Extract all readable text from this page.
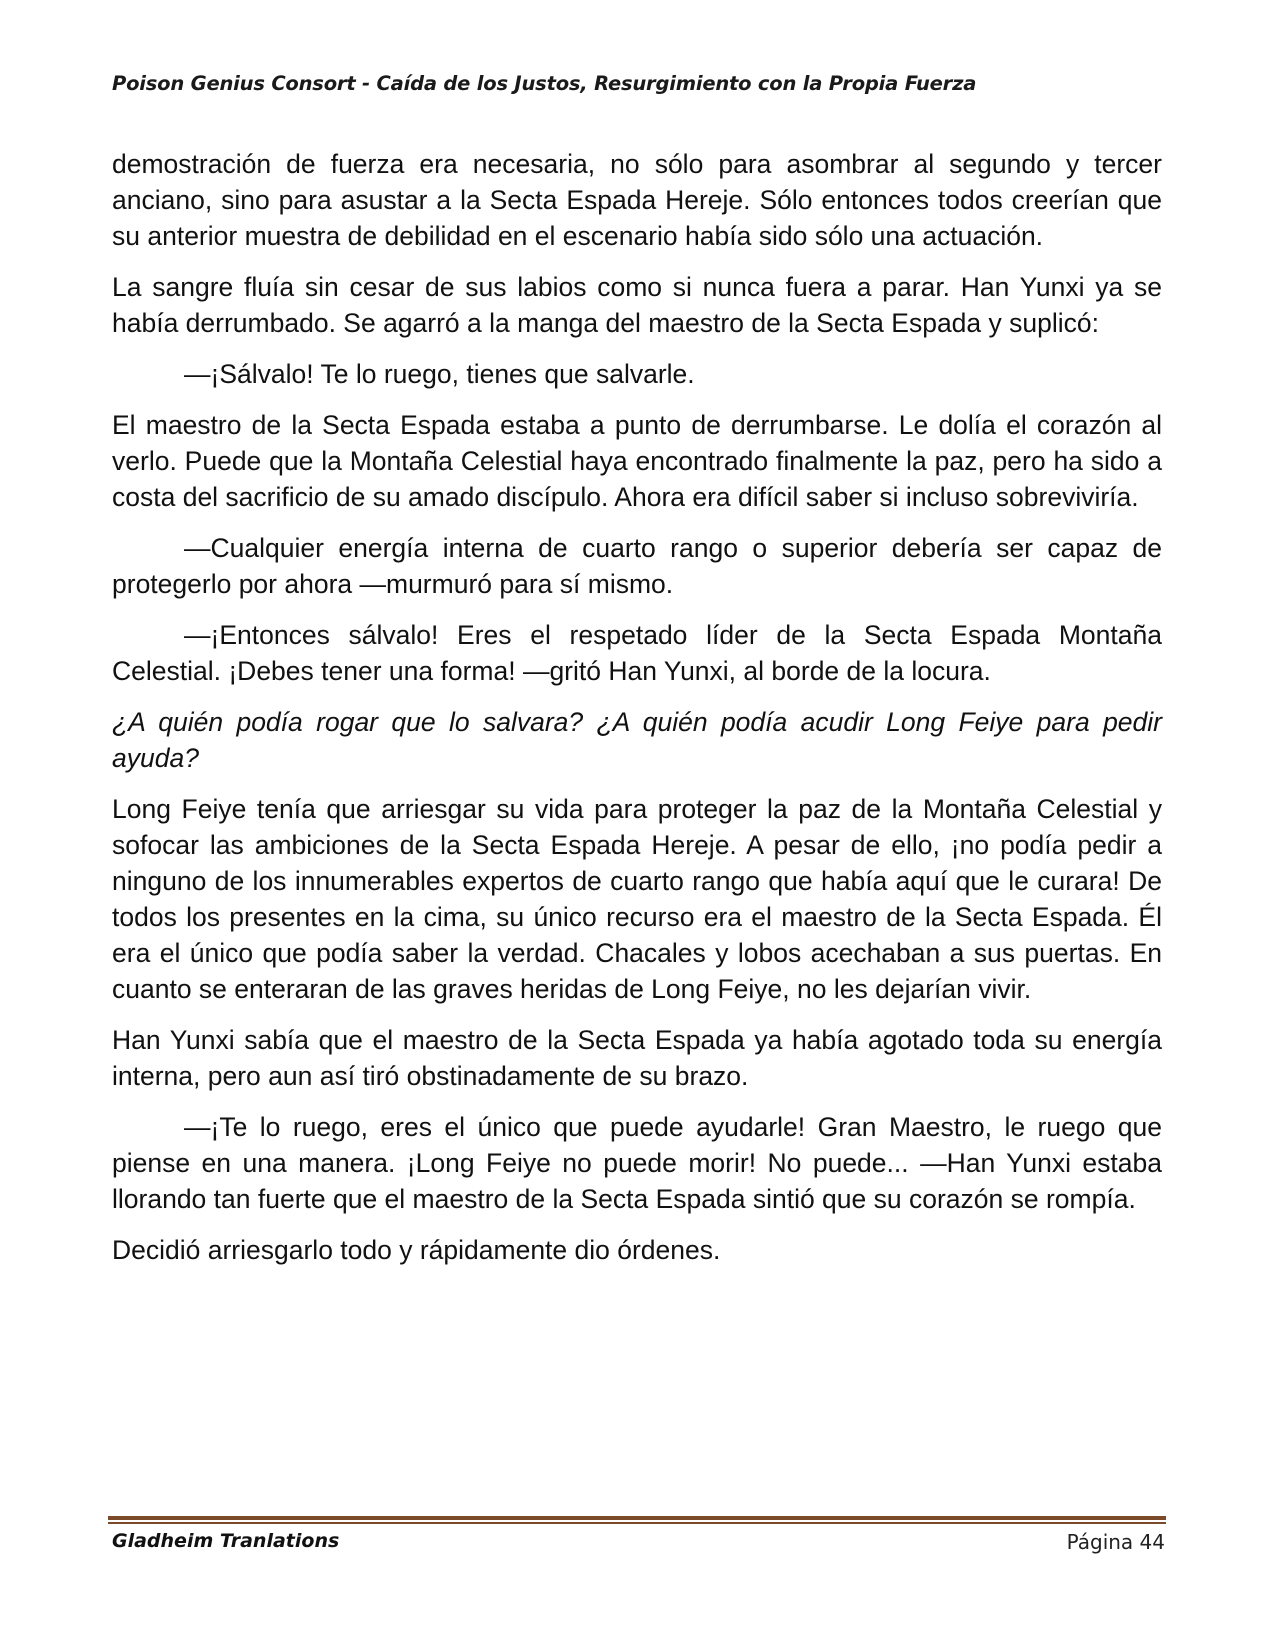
Poison Genius Consort - Caída de los Justos, Resurgimiento con la Propia Fuerza

demostración de fuerza era necesaria, no sólo para asombrar al segundo y tercer anciano, sino para asustar a la Secta Espada Hereje. Sólo entonces todos creerían que su anterior muestra de debilidad en el escenario había sido sólo una actuación.

La sangre fluía sin cesar de sus labios como si nunca fuera a parar. Han Yunxi ya se había derrumbado. Se agarró a la manga del maestro de la Secta Espada y suplicó:

—¡Sálvalo! Te lo ruego, tienes que salvarle.

El maestro de la Secta Espada estaba a punto de derrumbarse. Le dolía el corazón al verlo. Puede que la Montaña Celestial haya encontrado finalmente la paz, pero ha sido a costa del sacrificio de su amado discípulo. Ahora era difícil saber si incluso sobreviviría.

—Cualquier energía interna de cuarto rango o superior debería ser capaz de protegerlo por ahora —murmuró para sí mismo.

—¡Entonces sálvalo! Eres el respetado líder de la Secta Espada Montaña Celestial. ¡Debes tener una forma! —gritó Han Yunxi, al borde de la locura.

¿A quién podía rogar que lo salvara? ¿A quién podía acudir Long Feiye para pedir ayuda?

Long Feiye tenía que arriesgar su vida para proteger la paz de la Montaña Celestial y sofocar las ambiciones de la Secta Espada Hereje. A pesar de ello, ¡no podía pedir a ninguno de los innumerables expertos de cuarto rango que había aquí que le curara! De todos los presentes en la cima, su único recurso era el maestro de la Secta Espada. Él era el único que podía saber la verdad. Chacales y lobos acechaban a sus puertas. En cuanto se enteraran de las graves heridas de Long Feiye, no les dejarían vivir.

Han Yunxi sabía que el maestro de la Secta Espada ya había agotado toda su energía interna, pero aun así tiró obstinadamente de su brazo.

—¡Te lo ruego, eres el único que puede ayudarle! Gran Maestro, le ruego que piense en una manera. ¡Long Feiye no puede morir! No puede... —Han Yunxi estaba llorando tan fuerte que el maestro de la Secta Espada sintió que su corazón se rompía.

Decidió arriesgarlo todo y rápidamente dio órdenes.

Gladheim Tranlations	Página 44
